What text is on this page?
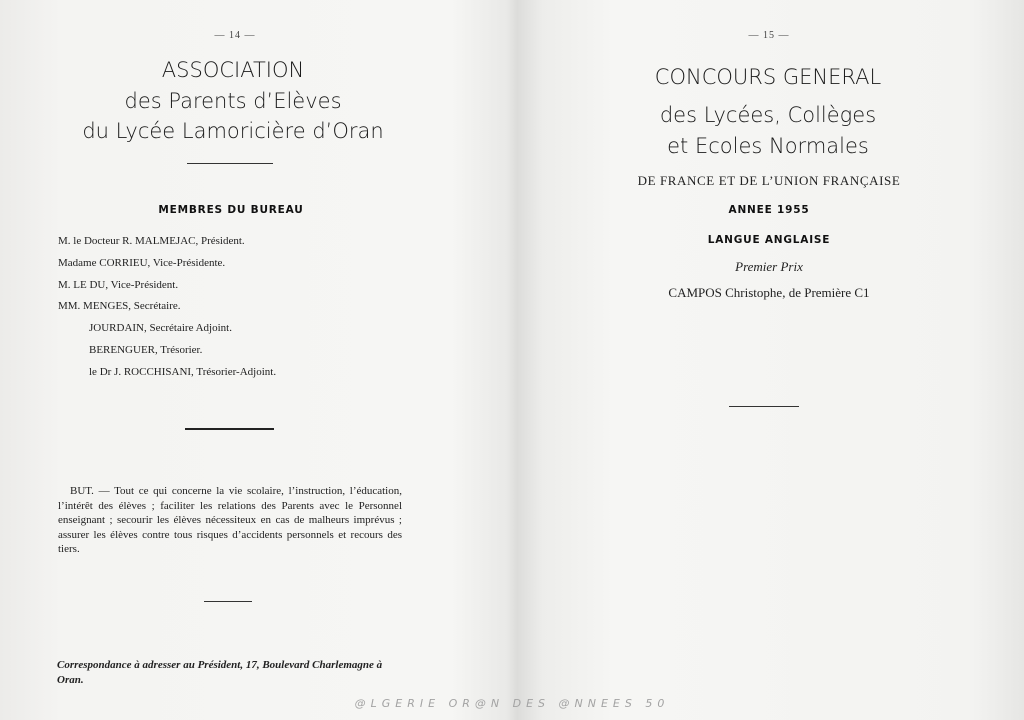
— 14 —
ASSOCIATION
des Parents d’Elèves
du Lycée Lamoricière d’Oran
MEMBRES DU BUREAU
M. le Docteur R. MALMEJAC, Président.
Madame CORRIEU, Vice-Présidente.
M. LE DU, Vice-Président.
MM. MENGES, Secrétaire.
JOURDAIN, Secrétaire Adjoint.
BERENGUER, Trésorier.
le Dr J. ROCCHISANI, Trésorier-Adjoint.
BUT. — Tout ce qui concerne la vie scolaire, l’instruction, l’éducation, l’intérêt des élèves ; faciliter les relations des Parents avec le Personnel enseignant ; secourir les élèves nécessiteux en cas de malheurs imprévus ; assurer les élèves contre tous risques d’accidents personnels et recours des tiers.
Correspondance à adresser au Président, 17, Boulevard Charlemagne à Oran.
— 15 —
CONCOURS GENERAL
des Lycées, Collèges
et Ecoles Normales
DE FRANCE ET DE L’UNION FRANÇAISE
ANNEE 1955
LANGUE ANGLAISE
Premier Prix
CAMPOS Christophe, de Première C1
@LGERIE OR@N DES @NNEES 50
